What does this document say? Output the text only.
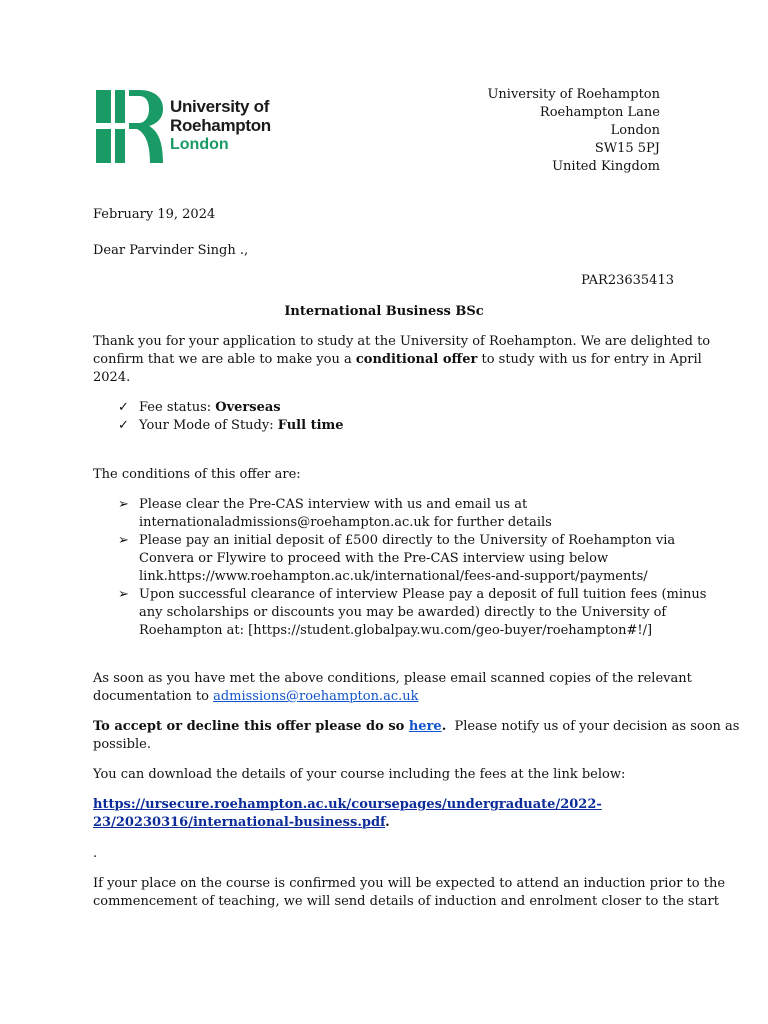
University of
Roehampton
London
University of Roehampton
Roehampton Lane
London
SW15 5PJ
United Kingdom
February 19, 2024
Dear Parvinder Singh .,
PAR23635413
International Business BSc
Thank you for your application to study at the University of Roehampton. We are delighted to
confirm that we are able to make you a conditional offer to study with us for entry in April
2024.
✓ Fee status: Overseas
✓ Your Mode of Study: Full time
The conditions of this offer are:
➢ Please clear the Pre-CAS interview with us and email us at
internationaladmissions@roehampton.ac.uk for further details
➢ Please pay an initial deposit of £500 directly to the University of Roehampton via
Convera or Flywire to proceed with the Pre-CAS interview using below
link.https://www.roehampton.ac.uk/international/fees-and-support/payments/
➢ Upon successful clearance of interview Please pay a deposit of full tuition fees (minus
any scholarships or discounts you may be awarded) directly to the University of
Roehampton at: [https://student.globalpay.wu.com/geo-buyer/roehampton#!/]
As soon as you have met the above conditions, please email scanned copies of the relevant
documentation to admissions@roehampton.ac.uk
To accept or decline this offer please do so here.  Please notify us of your decision as soon as
possible.
You can download the details of your course including the fees at the link below:
https://ursecure.roehampton.ac.uk/coursepages/undergraduate/2022-
23/20230316/international-business.pdf.
.
If your place on the course is confirmed you will be expected to attend an induction prior to the
commencement of teaching, we will send details of induction and enrolment closer to the start
